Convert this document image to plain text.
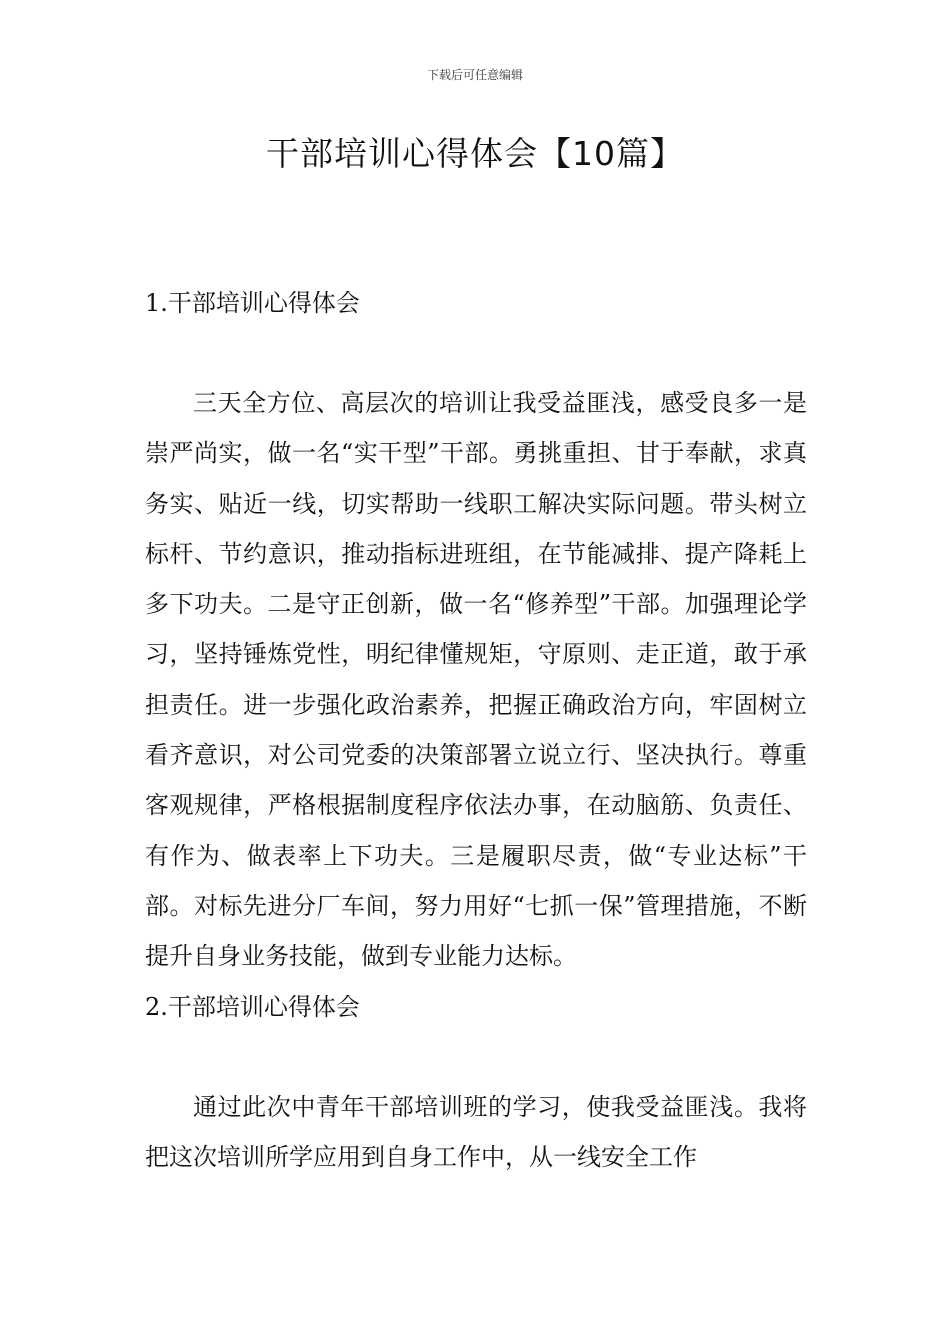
下载后可任意编辑
干部培训心得体会【10篇】
1.干部培训心得体会

三天全方位、高层次的培训让我受益匪浅，感受良多一是崇严尚实，做一名“实干型”干部。勇挑重担、甘于奉献，求真务实、贴近一线，切实帮助一线职工解决实际问题。带头树立标杆、节约意识，推动指标进班组，在节能减排、提产降耗上多下功夫。二是守正创新，做一名“修养型”干部。加强理论学习，坚持锤炼党性，明纪律懂规矩，守原则、走正道，敢于承担责任。进一步强化政治素养，把握正确政治方向，牢固树立看齐意识，对公司党委的决策部署立说立行、坚决执行。尊重客观规律，严格根据制度程序依法办事，在动脑筋、负责任、有作为、做表率上下功夫。三是履职尽责，做“专业达标”干部。对标先进分厂车间，努力用好“七抓一保”管理措施，不断提升自身业务技能，做到专业能力达标。

2.干部培训心得体会

通过此次中青年干部培训班的学习，使我受益匪浅。我将把这次培训所学应用到自身工作中，从一线安全工作
